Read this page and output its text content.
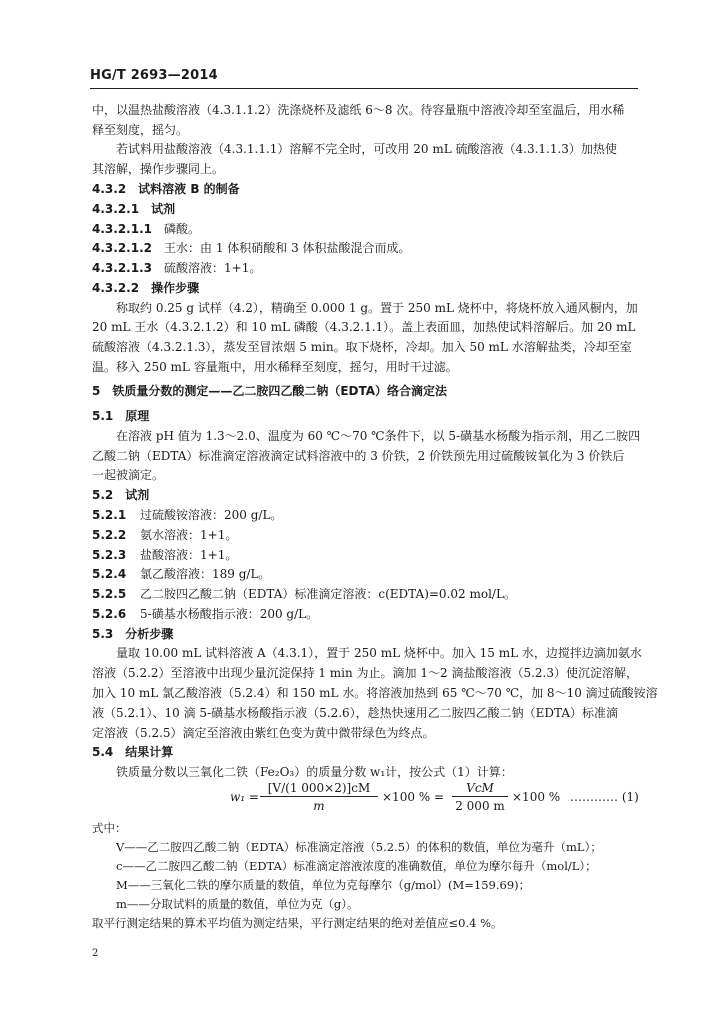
HG/T 2693—2014
中，以温热盐酸溶液（4.3.1.1.2）洗涤烧杯及滤纸 6～8 次。待容量瓶中溶液冷却至室温后，用水稀
释至刻度，摇匀。
若试料用盐酸溶液（4.3.1.1.1）溶解不完全时，可改用 20 mL 硫酸溶液（4.3.1.1.3）加热使
其溶解，操作步骤同上。
4.3.2　试料溶液 B 的制备
4.3.2.1　试剂
4.3.2.1.1 磷酸。
4.3.2.1.2 王水：由 1 体积硝酸和 3 体积盐酸混合而成。
4.3.2.1.3 硫酸溶液：1+1。
4.3.2.2　操作步骤
称取约 0.25 g 试样（4.2），精确至 0.000 1 g。置于 250 mL 烧杯中，将烧杯放入通风橱内，加
20 mL 王水（4.3.2.1.2）和 10 mL 磷酸（4.3.2.1.1）。盖上表面皿，加热使试料溶解后。加 20 mL
硫酸溶液（4.3.2.1.3），蒸发至冒浓烟 5 min。取下烧杯，冷却。加入 50 mL 水溶解盐类，冷却至室
温。移入 250 mL 容量瓶中，用水稀释至刻度，摇匀，用时干过滤。
5　铁质量分数的测定——乙二胺四乙酸二钠（EDTA）络合滴定法
5.1　原理
在溶液 pH 值为 1.3～2.0、温度为 60 ℃～70 ℃条件下，以 5-磺基水杨酸为指示剂，用乙二胺四
乙酸二钠（EDTA）标准滴定溶液滴定试料溶液中的 3 价铁，2 价铁预先用过硫酸铵氧化为 3 价铁后
一起被滴定。
5.2　试剂
5.2.1 过硫酸铵溶液：200 g/L。
5.2.2 氨水溶液：1+1。
5.2.3 盐酸溶液：1+1。
5.2.4 氯乙酸溶液：189 g/L。
5.2.5 乙二胺四乙酸二钠（EDTA）标准滴定溶液：c(EDTA)=0.02 mol/L。
5.2.6 5-磺基水杨酸指示液：200 g/L。
5.3　分析步骤
量取 10.00 mL 试料溶液 A（4.3.1），置于 250 mL 烧杯中。加入 15 mL 水，边搅拌边滴加氨水
溶液（5.2.2）至溶液中出现少量沉淀保持 1 min 为止。滴加 1～2 滴盐酸溶液（5.2.3）使沉淀溶解，
加入 10 mL 氯乙酸溶液（5.2.4）和 150 mL 水。将溶液加热到 65 ℃～70 ℃，加 8～10 滴过硫酸铵溶
液（5.2.1）、10 滴 5-磺基水杨酸指示液（5.2.6），趁热快速用乙二胺四乙酸二钠（EDTA）标准滴
定溶液（5.2.5）滴定至溶液由紫红色变为黄中微带绿色为终点。
5.4　结果计算
铁质量分数以三氧化二铁（Fe₂O₃）的质量分数 w₁计，按公式（1）计算：
w₁ =
[V/(1 000×2)]cM
m
×100 % =
VcM
2 000 m
×100 % ………… (1)
式中：
V——乙二胺四乙酸二钠（EDTA）标准滴定溶液（5.2.5）的体积的数值，单位为毫升（mL）；
c——乙二胺四乙酸二钠（EDTA）标准滴定溶液浓度的准确数值，单位为摩尔每升（mol/L）；
M——三氧化二铁的摩尔质量的数值，单位为克每摩尔（g/mol）(M=159.69)；
m——分取试料的质量的数值，单位为克（g）。
取平行测定结果的算术平均值为测定结果，平行测定结果的绝对差值应≤0.4 %。
2
